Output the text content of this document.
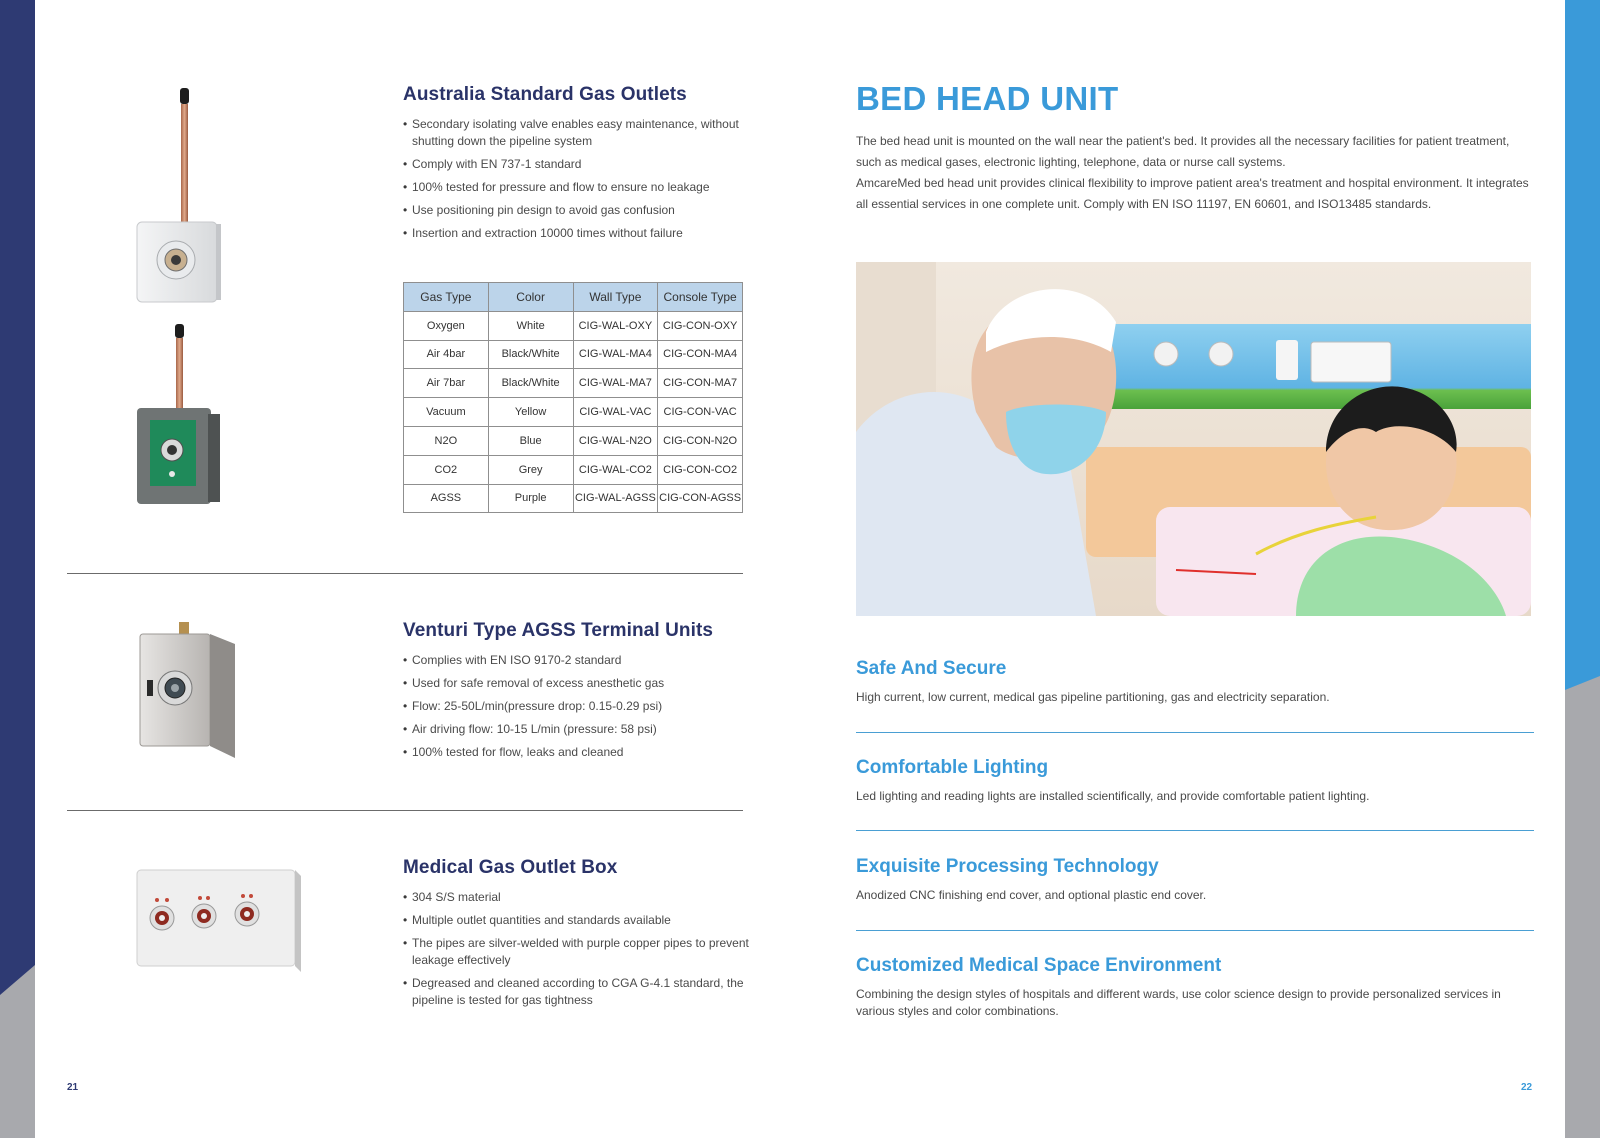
Australia Standard Gas Outlets
• Secondary isolating valve enables easy maintenance, without shutting down the pipeline system
• Comply with EN 737-1 standard
• 100% tested for pressure and flow to ensure no leakage
• Use positioning pin design to avoid gas confusion
• Insertion and extraction 10000 times without failure
Gas Type	Color	Wall Type	Console Type
Oxygen	White	CIG-WAL-OXY	CIG-CON-OXY
Air 4bar	Black/White	CIG-WAL-MA4	CIG-CON-MA4
Air 7bar	Black/White	CIG-WAL-MA7	CIG-CON-MA7
Vacuum	Yellow	CIG-WAL-VAC	CIG-CON-VAC
N2O	Blue	CIG-WAL-N2O	CIG-CON-N2O
CO2	Grey	CIG-WAL-CO2	CIG-CON-CO2
AGSS	Purple	CIG-WAL-AGSS	CIG-CON-AGSS
Venturi Type AGSS Terminal Units
• Complies with EN ISO 9170-2 standard
• Used for safe removal of excess anesthetic gas
• Flow: 25-50L/min(pressure drop: 0.15-0.29 psi)
• Air driving flow: 10-15 L/min (pressure: 58 psi)
• 100% tested for flow, leaks and cleaned
Medical Gas Outlet Box
• 304 S/S material
• Multiple outlet quantities and standards available
• The pipes are silver-welded with purple copper pipes to prevent leakage effectively
• Degreased and cleaned according to CGA G-4.1 standard, the pipeline is tested for gas tightness
21
BED HEAD UNIT

The bed head unit is mounted on the wall near the patient's bed. It provides all the necessary facilities for patient treatment, such as medical gases, electronic lighting, telephone, data or nurse call systems.

AmcareMed bed head unit provides clinical flexibility to improve patient area's treatment and hospital environment. It integrates all essential services in one complete unit. Comply with EN ISO 11197, EN 60601, and ISO13485 standards.

Safe And Secure
High current, low current, medical gas pipeline partitioning, gas and electricity separation.
Comfortable Lighting
Led lighting and reading lights are installed scientifically, and provide comfortable patient lighting.
Exquisite Processing Technology
Anodized CNC finishing end cover, and optional plastic end cover.
Customized Medical Space Environment
Combining the design styles of hospitals and different wards, use color science design to provide personalized services in various styles and color combinations.
22
